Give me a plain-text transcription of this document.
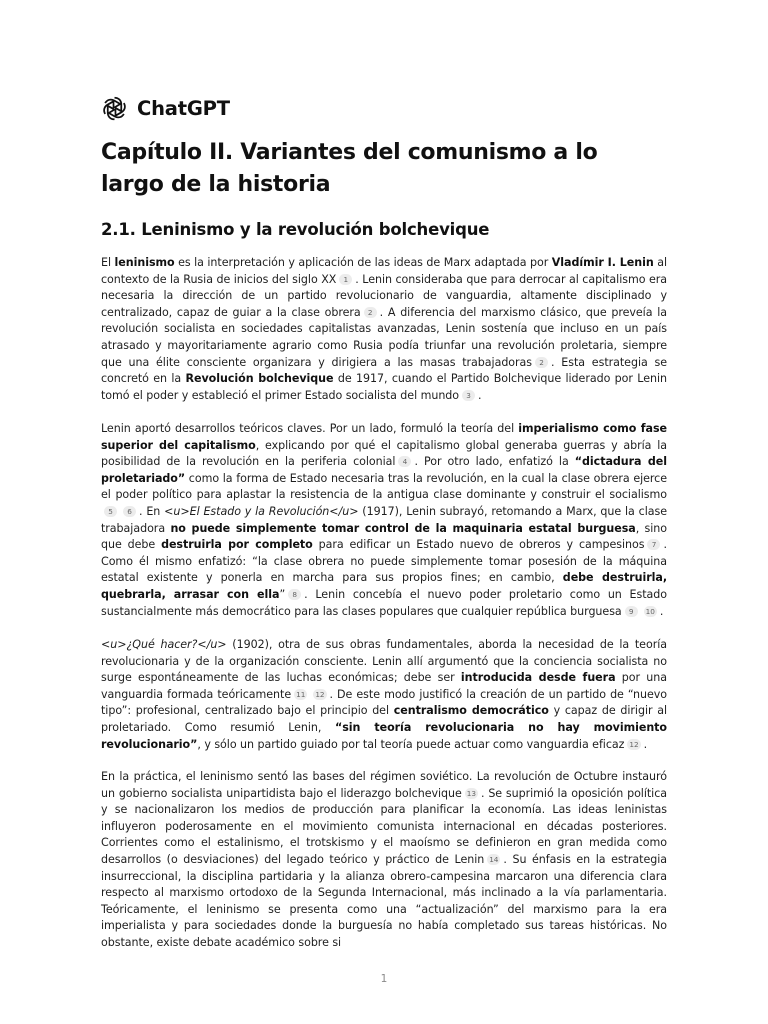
ChatGPT
Capítulo II. Variantes del comunismo a lo largo de la historia
2.1. Leninismo y la revolución bolchevique

El leninismo es la interpretación y aplicación de las ideas de Marx adaptada por Vladímir I. Lenin al contexto de la Rusia de inicios del siglo XX 1 . Lenin consideraba que para derrocar al capitalismo era necesaria la dirección de un partido revolucionario de vanguardia, altamente disciplinado y centralizado, capaz de guiar a la clase obrera 2 . A diferencia del marxismo clásico, que preveía la revolución socialista en sociedades capitalistas avanzadas, Lenin sostenía que incluso en un país atrasado y mayoritariamente agrario como Rusia podía triunfar una revolución proletaria, siempre que una élite consciente organizara y dirigiera a las masas trabajadoras 2 . Esta estrategia se concretó en la Revolución bolchevique de 1917, cuando el Partido Bolchevique liderado por Lenin tomó el poder y estableció el primer Estado socialista del mundo 3 .

Lenin aportó desarrollos teóricos claves. Por un lado, formuló la teoría del imperialismo como fase superior del capitalismo, explicando por qué el capitalismo global generaba guerras y abría la posibilidad de la revolución en la periferia colonial 4 . Por otro lado, enfatizó la “dictadura del proletariado” como la forma de Estado necesaria tras la revolución, en la cual la clase obrera ejerce el poder político para aplastar la resistencia de la antigua clase dominante y construir el socialismo5 6 . En <u>El Estado y la Revolución</u> (1917), Lenin subrayó, retomando a Marx, que la clase trabajadora no puede simplemente tomar control de la maquinaria estatal burguesa, sino que debe destruirla por completo para edificar un Estado nuevo de obreros y campesinos 7 . Como él mismo enfatizó: “la clase obrera no puede simplemente tomar posesión de la máquina estatal existente y ponerla en marcha para sus propios fines; en cambio, debe destruirla, quebrarla, arrasar con ella” 8 . Lenin concebía el nuevo poder proletario como un Estado sustancialmente más democrático para las clases populares que cualquier república burguesa 9 10 .

<u>¿Qué hacer?</u> (1902), otra de sus obras fundamentales, aborda la necesidad de la teoría revolucionaria y de la organización consciente. Lenin allí argumentó que la conciencia socialista no surge espontáneamente de las luchas económicas; debe ser introducida desde fuera por una vanguardia formada teóricamente 11 12 . De este modo justificó la creación de un partido de “nuevo tipo”: profesional, centralizado bajo el principio del centralismo democrático y capaz de dirigir al proletariado. Como resumió Lenin, “sin teoría revolucionaria no hay movimiento revolucionario”, y sólo un partido guiado por tal teoría puede actuar como vanguardia eficaz 12 .

En la práctica, el leninismo sentó las bases del régimen soviético. La revolución de Octubre instauró un gobierno socialista unipartidista bajo el liderazgo bolchevique 13 . Se suprimió la oposición política y se nacionalizaron los medios de producción para planificar la economía. Las ideas leninistas influyeron poderosamente en el movimiento comunista internacional en décadas posteriores. Corrientes como el estalinismo, el trotskismo y el maoísmo se definieron en gran medida como desarrollos (o desviaciones) del legado teórico y práctico de Lenin 14 . Su énfasis en la estrategia insurreccional, la disciplina partidaria y la alianza obrero-campesina marcaron una diferencia clara respecto al marxismo ortodoxo de la Segunda Internacional, más inclinado a la vía parlamentaria. Teóricamente, el leninismo se presenta como una “actualización” del marxismo para la era imperialista y para sociedades donde la burguesía no había completado sus tareas históricas. No obstante, existe debate académico sobre si

1
